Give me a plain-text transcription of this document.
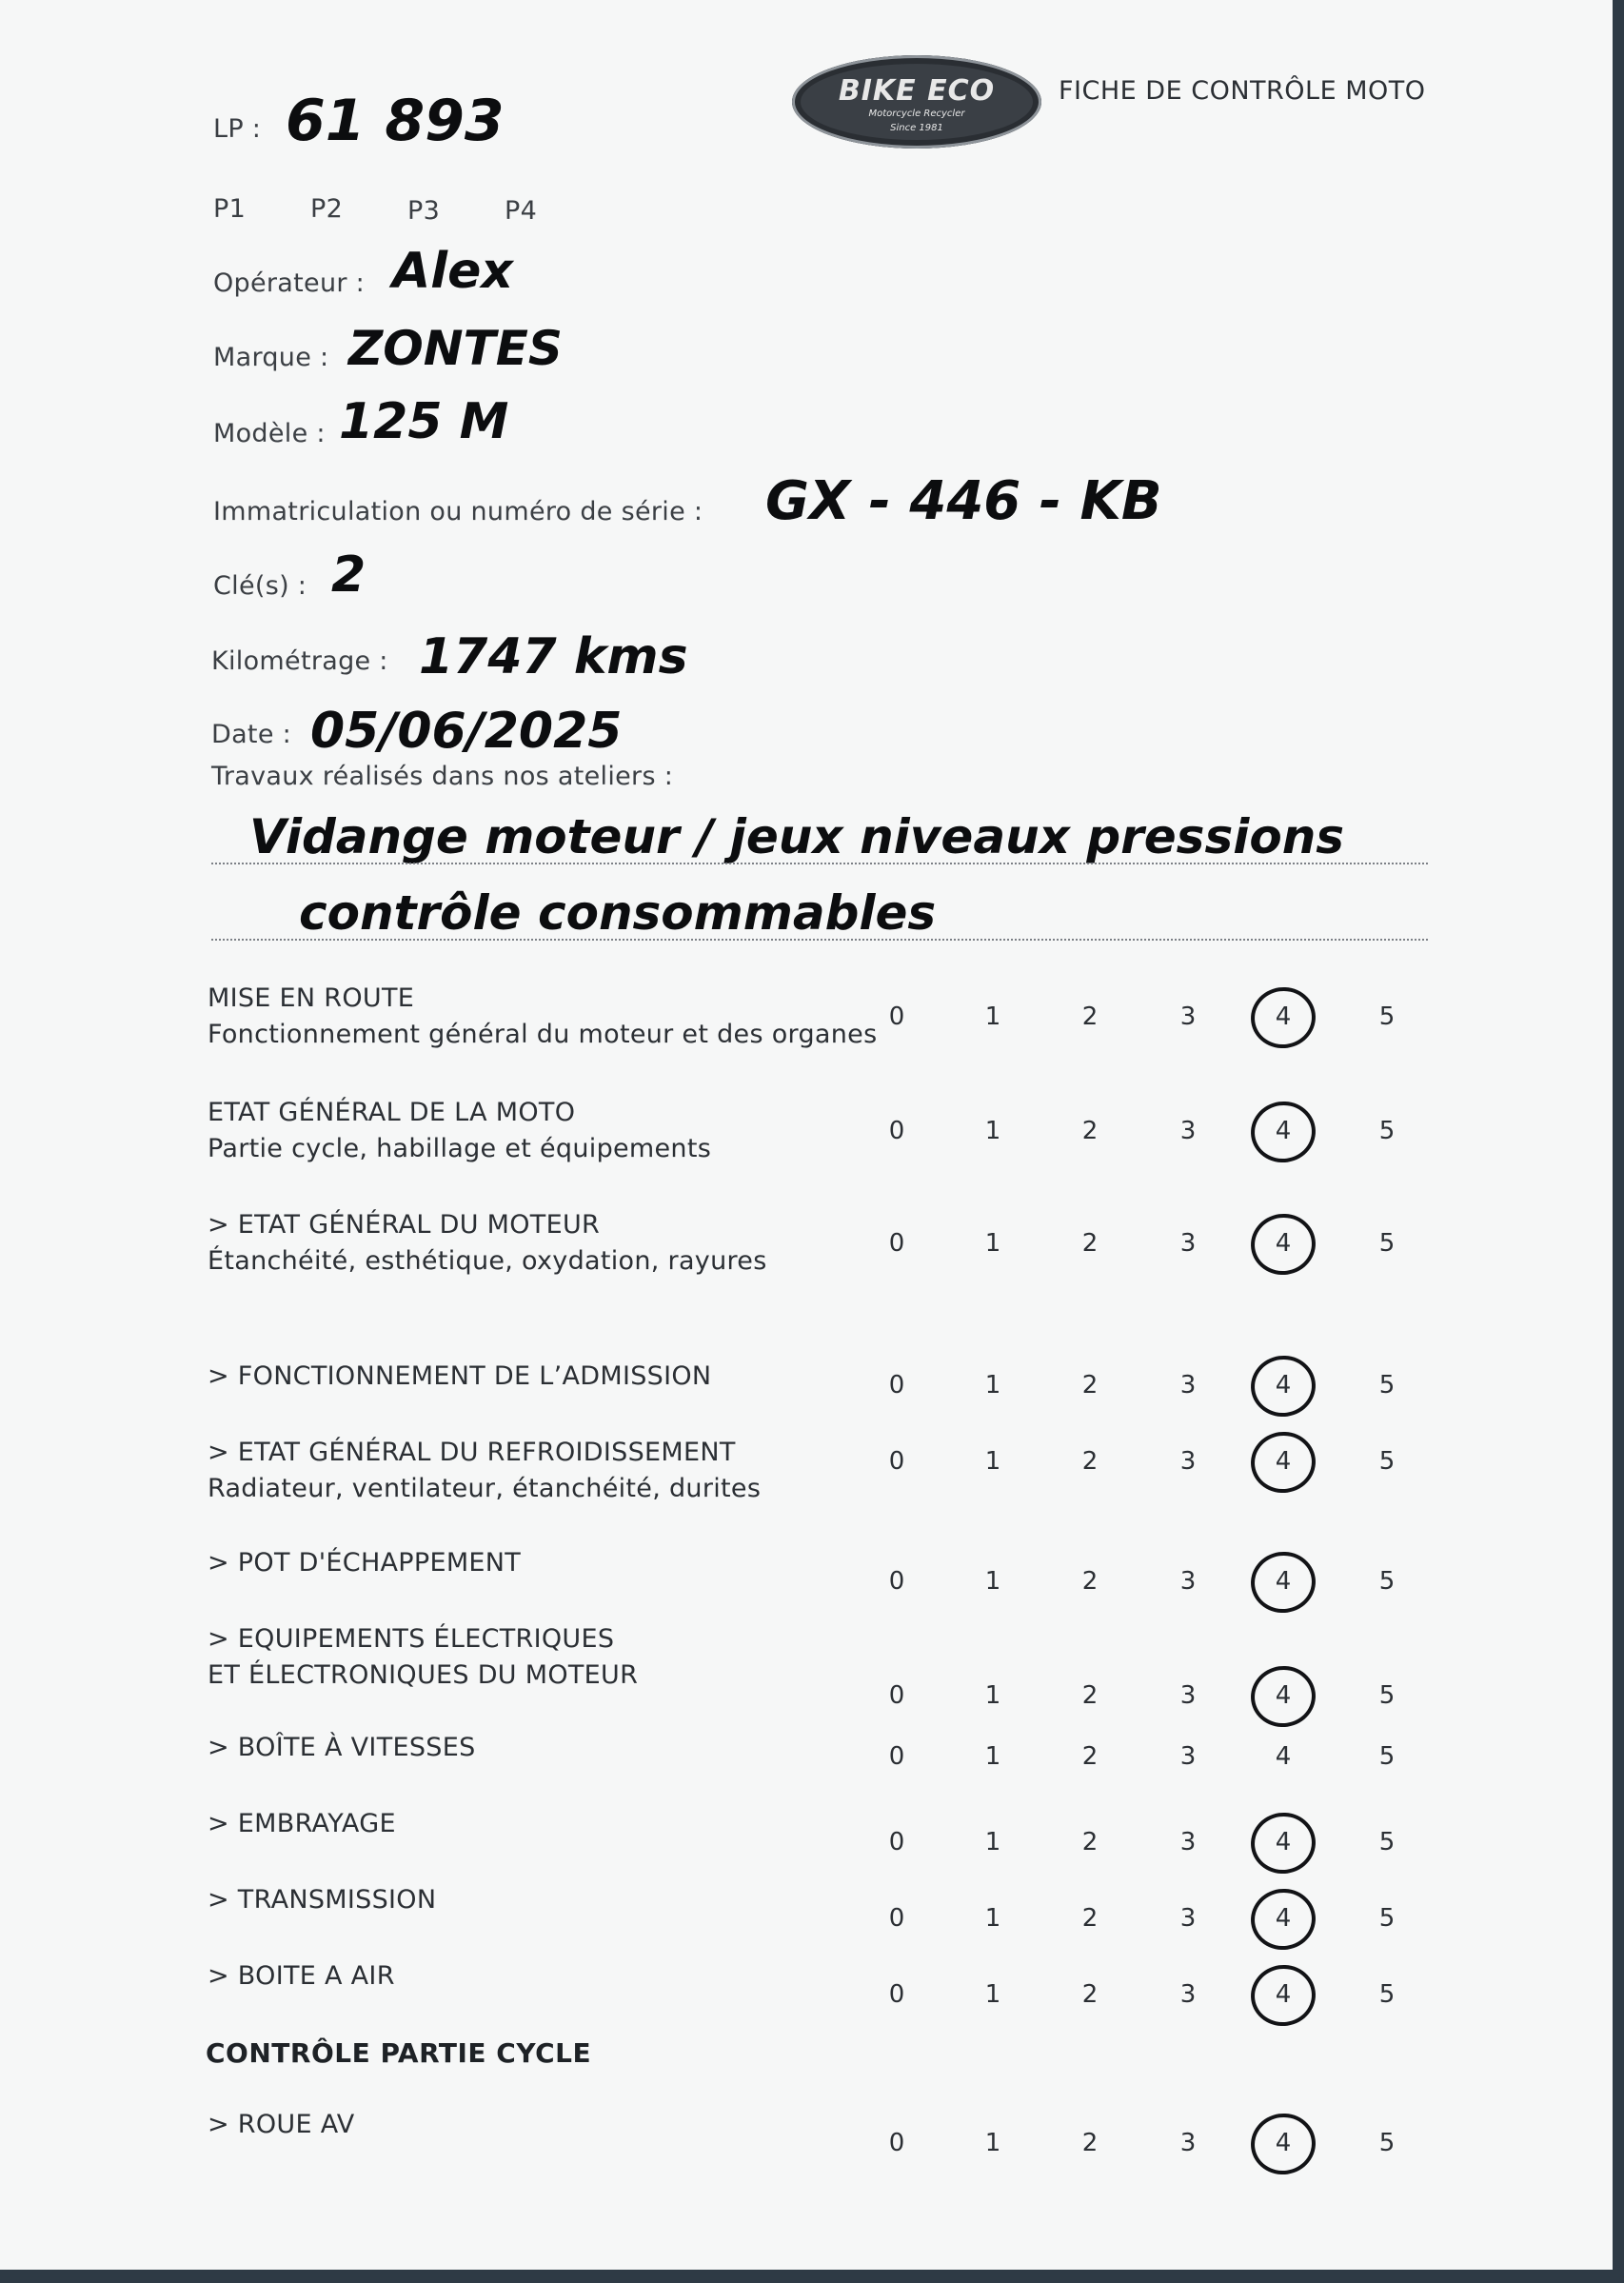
BIKE ECO
Motorcycle Recycler
Since 1981
FICHE DE CONTRÔLE MOTO
LP : 61 893
P1	P2	P3	P4
Opérateur : Alex
Marque : ZONTES
Modèle : 125 M
Immatriculation ou numéro de série : GX - 446 - KB
Clé(s) : 2
Kilométrage : 1747 kms
Date : 05/06/2025
Travaux réalisés dans nos ateliers :
Vidange moteur / jeux niveaux pressions
contrôle consommables
MISE EN ROUTE
Fonctionnement général du moteur et des organes
0	1	2	3	4	5
ETAT GÉNÉRAL DE LA MOTO
Partie cycle, habillage et équipements
0	1	2	3	4	5
> ETAT GÉNÉRAL DU MOTEUR
Étanchéité, esthétique, oxydation, rayures
0	1	2	3	4	5
> FONCTIONNEMENT DE L’ADMISSION	0	1	2	3	4	5
> ETAT GÉNÉRAL DU REFROIDISSEMENT
Radiateur, ventilateur, étanchéité, durites
0	1	2	3	4	5
> POT D'ÉCHAPPEMENT
0	1	2	3	4	5
> EQUIPEMENTS ÉLECTRIQUES
ET ÉLECTRONIQUES DU MOTEUR
0	1	2	3	4	5
> BOÎTE À VITESSES	0	1	2	3	4	5
> EMBRAYAGE
0	1	2	3	4	5
> TRANSMISSION
0	1	2	3	4	5
> BOITE A AIR
0	1	2	3	4	5
CONTRÔLE PARTIE CYCLE
> ROUE AV
0	1	2	3	4	5
